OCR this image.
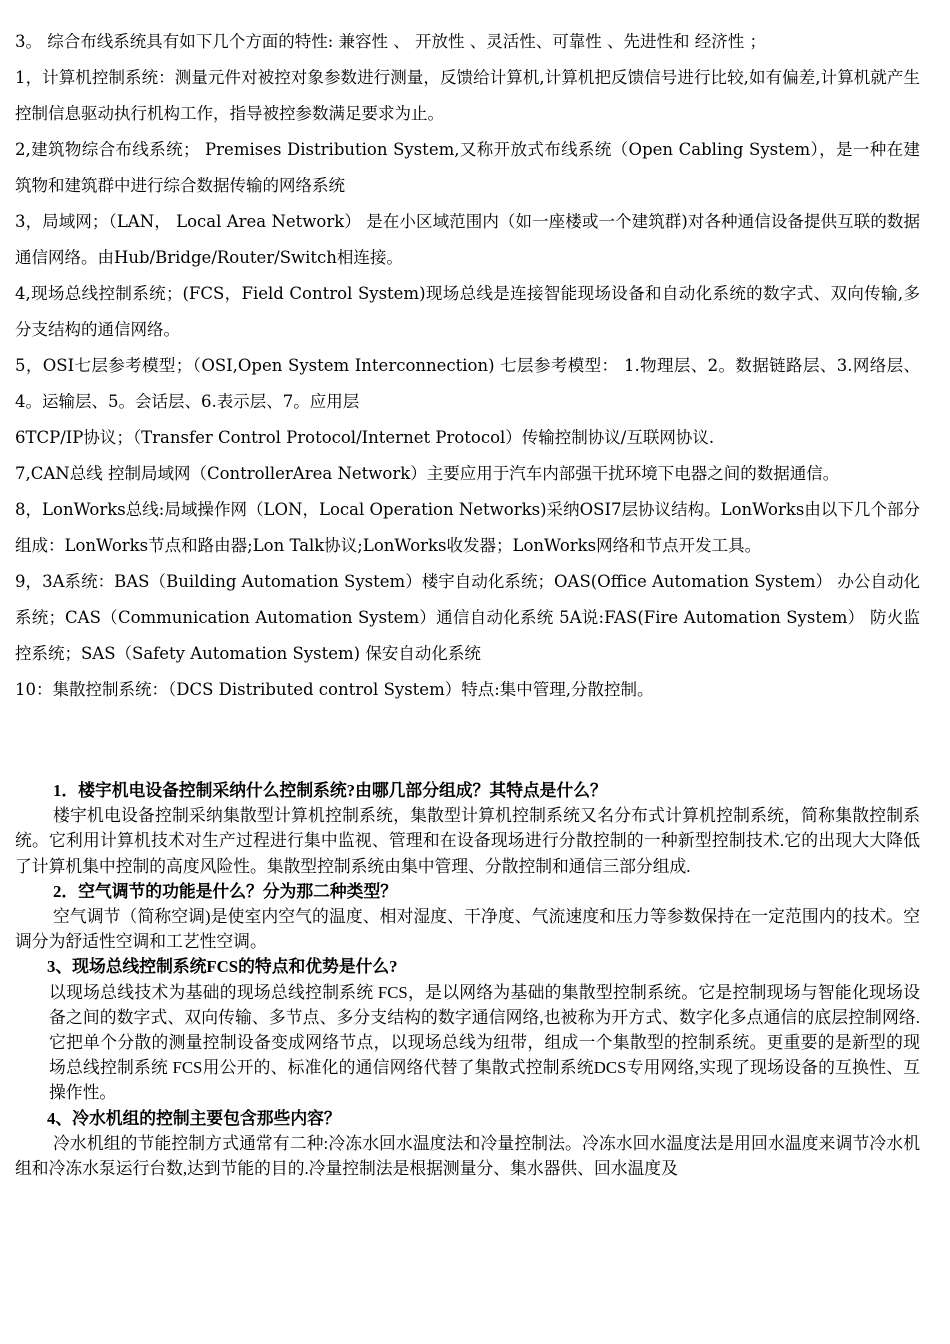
3。 综合布线系统具有如下几个方面的特性: 兼容性 、 开放性 、灵活性、可靠性 、先进性和 经济性 ；

1，计算机控制系统：测量元件对被控对象参数进行测量，反馈给计算机,计算机把反馈信号进行比较,如有偏差,计算机就产生控制信息驱动执行机构工作，指导被控参数满足要求为止。

2,建筑物综合布线系统； Premises Distribution System,又称开放式布线系统（Open Cabling System），是一种在建筑物和建筑群中进行综合数据传输的网络系统

3，局域网；（LAN， Local Area Network） 是在小区域范围内（如一座楼或一个建筑群)对各种通信设备提供互联的数据通信网络。由Hub/Bridge/Router/Switch相连接。

4,现场总线控制系统；(FCS，Field Control System)现场总线是连接智能现场设备和自动化系统的数字式、双向传输,多分支结构的通信网络。

5，OSI七层参考模型；（OSI,Open System Interconnection) 七层参考模型： 1.物理层、2。数据链路层、3.网络层、4。运输层、5。会话层、6.表示层、7。应用层

6TCP/IP协议；（Transfer Control Protocol/Internet Protocol）传输控制协议/互联网协议.

7,CAN总线 控制局域网（ControllerArea Network）主要应用于汽车内部强干扰环境下电器之间的数据通信。

8，LonWorks总线:局域操作网（LON，Local Operation Networks)采纳OSI7层协议结构。LonWorks由以下几个部分组成：LonWorks节点和路由器;Lon Talk协议;LonWorks收发器；LonWorks网络和节点开发工具。

9，3A系统：BAS（Building Automation System）楼宇自动化系统；OAS(Office Automation System） 办公自动化系统；CAS（Communication Automation System）通信自动化系统 5A说:FAS(Fire Automation System） 防火监控系统；SAS（Safety Automation System) 保安自动化系统

10：集散控制系统：（DCS Distributed control System）特点:集中管理,分散控制。

1．楼宇机电设备控制采纳什么控制系统?由哪几部分组成？其特点是什么？

楼宇机电设备控制采纳集散型计算机控制系统，集散型计算机控制系统又名分布式计算机控制系统，简称集散控制系统。它利用计算机技术对生产过程进行集中监视、管理和在设备现场进行分散控制的一种新型控制技术.它的出现大大降低了计算机集中控制的高度风险性。集散型控制系统由集中管理、分散控制和通信三部分组成.

2．空气调节的功能是什么？分为那二种类型？

空气调节（简称空调)是使室内空气的温度、相对湿度、干净度、气流速度和压力等参数保持在一定范围内的技术。空调分为舒适性空调和工艺性空调。

3、现场总线控制系统FCS的特点和优势是什么?

以现场总线技术为基础的现场总线控制系统 FCS，是以网络为基础的集散型控制系统。它是控制现场与智能化现场设备之间的数字式、双向传输、多节点、多分支结构的数字通信网络,也被称为开方式、数字化多点通信的底层控制网络.它把单个分散的测量控制设备变成网络节点，以现场总线为纽带，组成一个集散型的控制系统。更重要的是新型的现场总线控制系统 FCS用公开的、标准化的通信网络代替了集散式控制系统DCS专用网络,实现了现场设备的互换性、互操作性。

4、冷水机组的控制主要包含那些内容？

冷水机组的节能控制方式通常有二种:冷冻水回水温度法和冷量控制法。冷冻水回水温度法是用回水温度来调节冷水机组和冷冻水泵运行台数,达到节能的目的.冷量控制法是根据测量分、集水器供、回水温度及
